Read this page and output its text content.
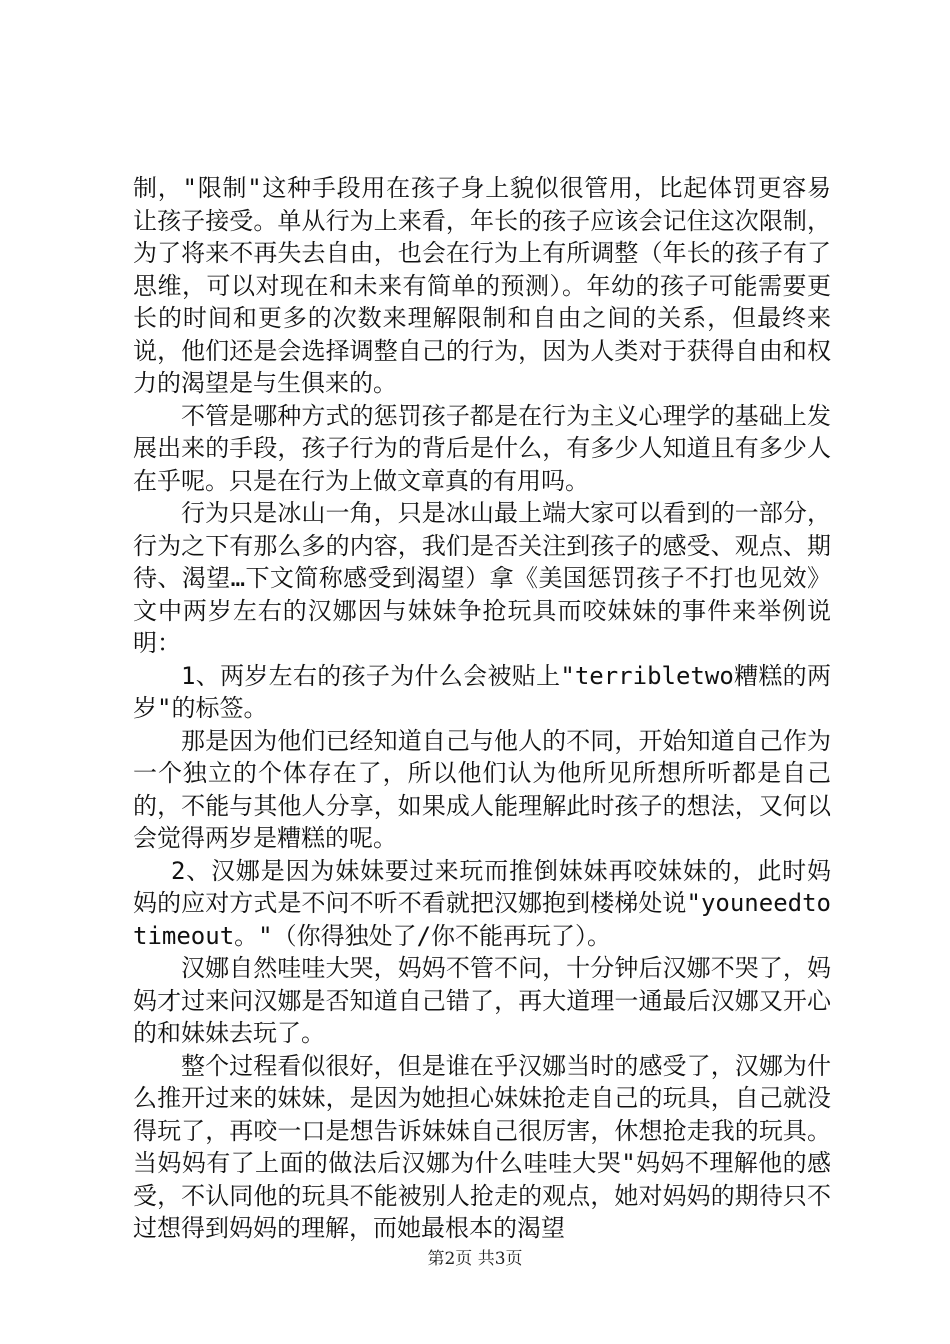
制，"限制"这种手段用在孩子身上貌似很管用，比起体罚更容易让孩子接受。单从行为上来看，年长的孩子应该会记住这次限制，为了将来不再失去自由，也会在行为上有所调整（年长的孩子有了思维，可以对现在和未来有简单的预测）。年幼的孩子可能需要更长的时间和更多的次数来理解限制和自由之间的关系，但最终来说，他们还是会选择调整自己的行为，因为人类对于获得自由和权力的渴望是与生俱来的。

不管是哪种方式的惩罚孩子都是在行为主义心理学的基础上发展出来的手段，孩子行为的背后是什么，有多少人知道且有多少人在乎呢。只是在行为上做文章真的有用吗。

行为只是冰山一角，只是冰山最上端大家可以看到的一部分，行为之下有那么多的内容，我们是否关注到孩子的感受、观点、期待、渴望…下文简称感受到渴望）拿《美国惩罚孩子不打也见效》文中两岁左右的汉娜因与妹妹争抢玩具而咬妹妹的事件来举例说明：

1、两岁左右的孩子为什么会被贴上"terribletwo糟糕的两岁"的标签。

那是因为他们已经知道自己与他人的不同，开始知道自己作为一个独立的个体存在了，所以他们认为他所见所想所听都是自己的，不能与其他人分享，如果成人能理解此时孩子的想法，又何以会觉得两岁是糟糕的呢。

2、汉娜是因为妹妹要过来玩而推倒妹妹再咬妹妹的，此时妈妈的应对方式是不问不听不看就把汉娜抱到楼梯处说"youneedtotimeout。"（你得独处了/你不能再玩了）。

汉娜自然哇哇大哭，妈妈不管不问，十分钟后汉娜不哭了，妈妈才过来问汉娜是否知道自己错了，再大道理一通最后汉娜又开心的和妹妹去玩了。

整个过程看似很好，但是谁在乎汉娜当时的感受了，汉娜为什么推开过来的妹妹，是因为她担心妹妹抢走自己的玩具，自己就没得玩了，再咬一口是想告诉妹妹自己很厉害，休想抢走我的玩具。当妈妈有了上面的做法后汉娜为什么哇哇大哭"妈妈不理解他的感受，不认同他的玩具不能被别人抢走的观点，她对妈妈的期待只不过想得到妈妈的理解，而她最根本的渴望

第2页 共3页
